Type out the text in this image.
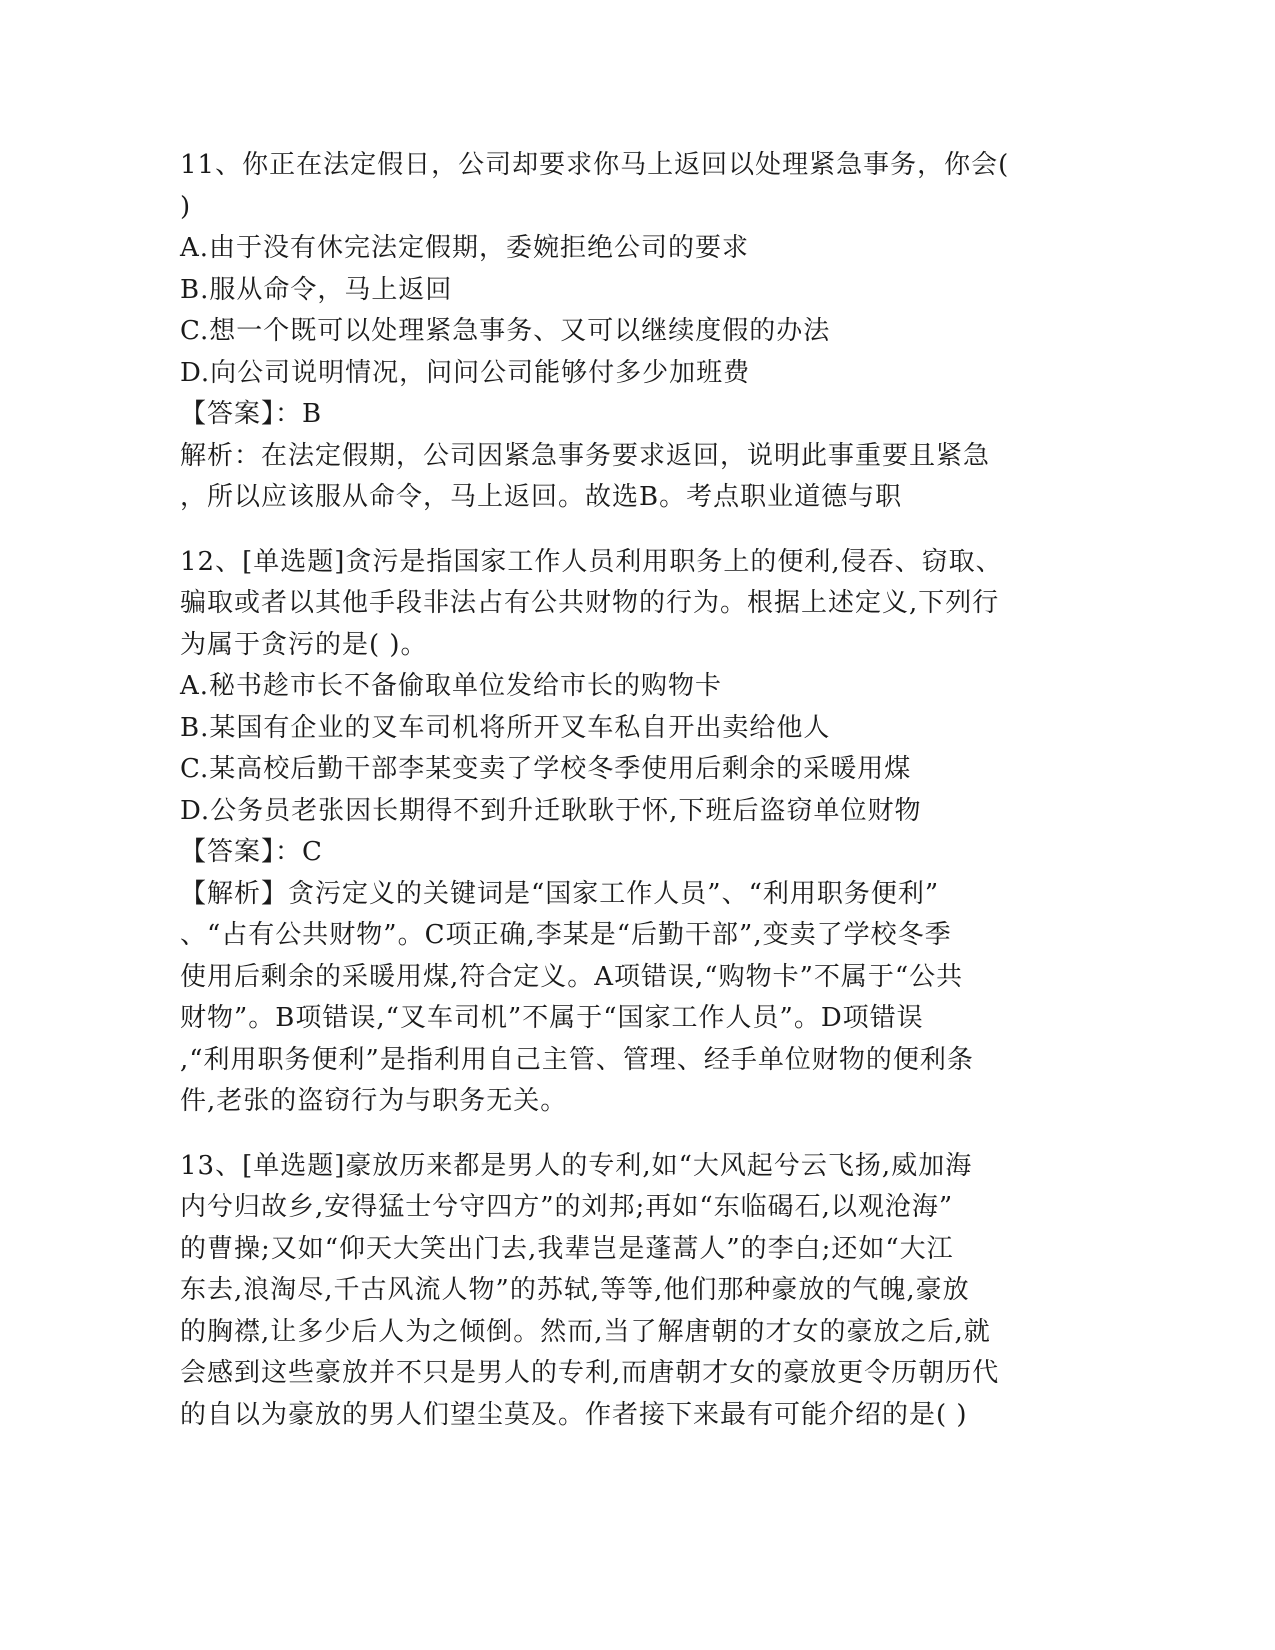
11、你正在法定假日，公司却要求你马上返回以处理紧急事务，你会(
)
A.由于没有休完法定假期，委婉拒绝公司的要求
B.服从命令，马上返回
C.想一个既可以处理紧急事务、又可以继续度假的办法
D.向公司说明情况，问问公司能够付多少加班费
【答案】：B
解析：在法定假期，公司因紧急事务要求返回，说明此事重要且紧急
，所以应该服从命令，马上返回。故选B。考点职业道德与职
12、[单选题]贪污是指国家工作人员利用职务上的便利,侵吞、窃取、
骗取或者以其他手段非法占有公共财物的行为。根据上述定义,下列行
为属于贪污的是( )。
A.秘书趁市长不备偷取单位发给市长的购物卡
B.某国有企业的叉车司机将所开叉车私自开出卖给他人
C.某高校后勤干部李某变卖了学校冬季使用后剩余的采暖用煤
D.公务员老张因长期得不到升迁耿耿于怀,下班后盗窃单位财物
【答案】：C
【解析】贪污定义的关键词是“国家工作人员”、“利用职务便利”
、“占有公共财物”。C项正确,李某是“后勤干部”,变卖了学校冬季
使用后剩余的采暖用煤,符合定义。A项错误,“购物卡”不属于“公共
财物”。B项错误,“叉车司机”不属于“国家工作人员”。D项错误
,“利用职务便利”是指利用自己主管、管理、经手单位财物的便利条
件,老张的盗窃行为与职务无关。
13、[单选题]豪放历来都是男人的专利,如“大风起兮云飞扬,威加海
内兮归故乡,安得猛士兮守四方”的刘邦;再如“东临碣石,以观沧海”
的曹操;又如“仰天大笑出门去,我辈岂是蓬蒿人”的李白;还如“大江
东去,浪淘尽,千古风流人物”的苏轼,等等,他们那种豪放的气魄,豪放
的胸襟,让多少后人为之倾倒。然而,当了解唐朝的才女的豪放之后,就
会感到这些豪放并不只是男人的专利,而唐朝才女的豪放更令历朝历代
的自以为豪放的男人们望尘莫及。作者接下来最有可能介绍的是( )
